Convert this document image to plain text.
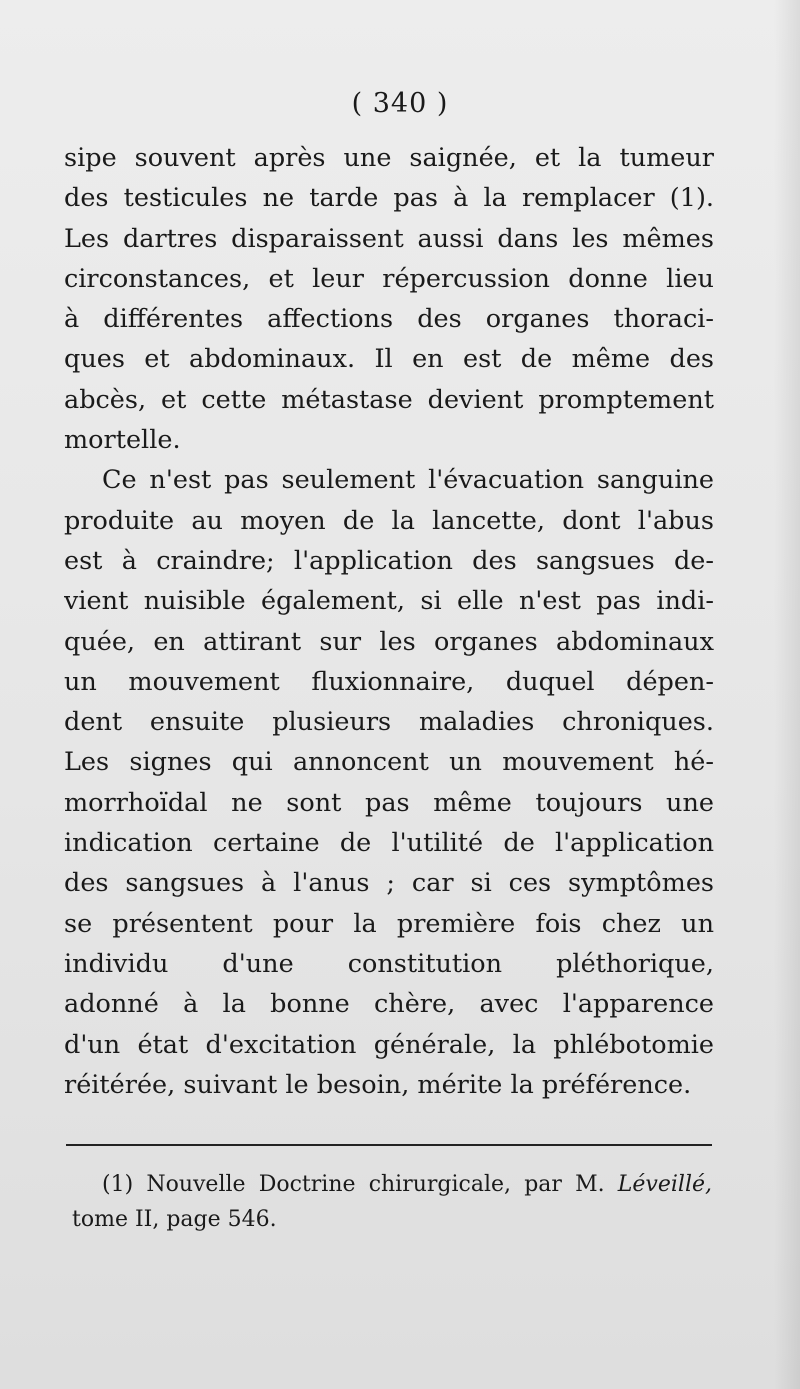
( 340 )
sipe souvent après une saignée, et la tumeur
des testicules ne tarde pas à la remplacer (1).
Les dartres disparaissent aussi dans les mêmes
circonstances, et leur répercussion donne lieu
à différentes affections des organes thoraci-
ques et abdominaux. Il en est de même des
abcès, et cette métastase devient promptement
mortelle.
Ce n'est pas seulement l'évacuation sanguine
produite au moyen de la lancette, dont l'abus
est à craindre; l'application des sangsues de-
vient nuisible également, si elle n'est pas indi-
quée, en attirant sur les organes abdominaux
un mouvement fluxionnaire, duquel dépen-
dent ensuite plusieurs maladies chroniques.
Les signes qui annoncent un mouvement hé-
morrhoïdal ne sont pas même toujours une
indication certaine de l'utilité de l'application
des sangsues à l'anus ; car si ces symptômes
se présentent pour la première fois chez un
individu d'une constitution pléthorique,
adonné à la bonne chère, avec l'apparence
d'un état d'excitation générale, la phlébotomie
réitérée, suivant le besoin, mérite la préférence.
(1) Nouvelle Doctrine chirurgicale, par M. Léveillé,
tome II, page 546.
